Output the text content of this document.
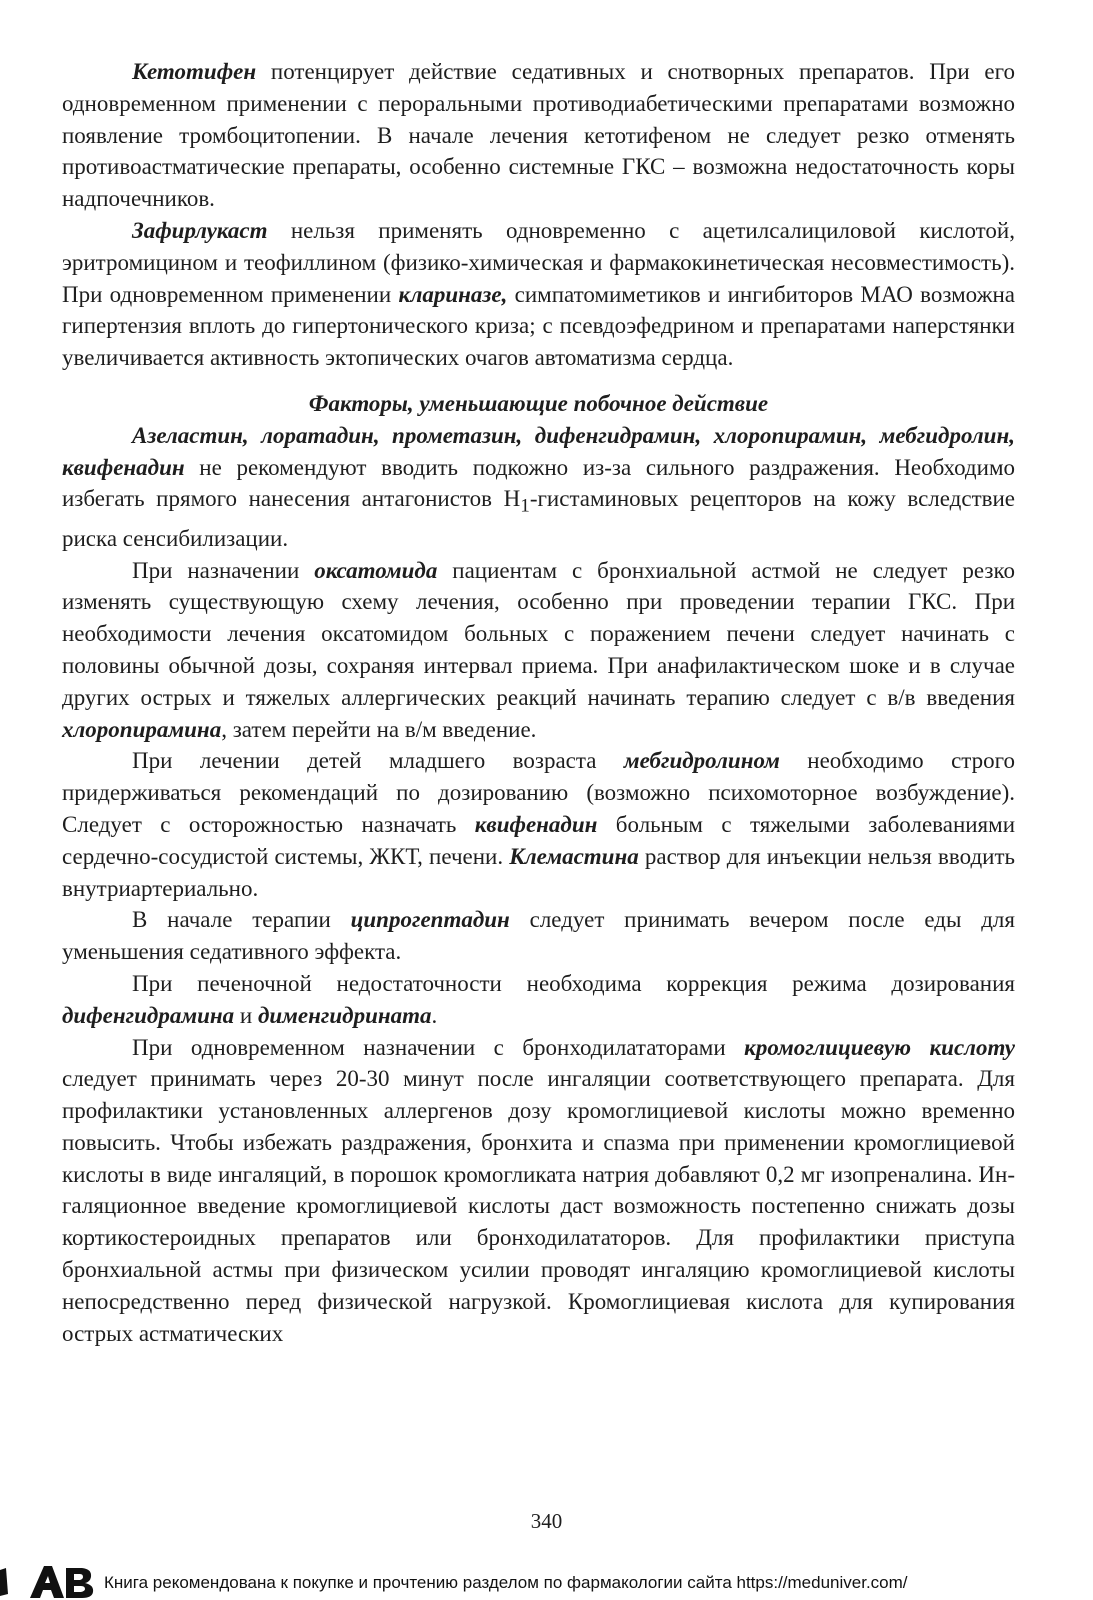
Кетотифен потенцирует действие седативных и снотворных препаратов. При его одновременном применении с пероральными противодиабетическими препаратами возможно появление тромбоцитопении. В начале лечения кетотифеном не следует резко отменять противоастматические препараты, особенно системные ГКС – возможна недостаточность коры надпочечников.

Зафирлукаст нельзя применять одновременно с ацетилсалициловой кислотой, эритромицином и теофиллином (физико-химическая и фармакокинетическая несовместимость). При одновременном применении клариназе, симпатомиметиков и ингибиторов МАО возможна гипертензия вплоть до гипертонического криза; с псевдоэфедрином и препаратами наперстянки увеличивается активность эктопических очагов автоматизма сердца.

Факторы, уменьшающие побочное действие

Азеластин, лоратадин, прометазин, дифенгидрамин, хлоропирамин, мебгидролин, квифенадин не рекомендуют вводить подкожно из-за сильного раздражения. Необходимо избегать прямого нанесения антагонистов $Н_1$-гистаминовых рецепторов на кожу вследствие риска сенсибилизации.

При назначении оксатомида пациентам с бронхиальной астмой не следует резко изменять существующую схему лечения, особенно при проведении терапии ГКС. При необходимости лечения оксатомидом больных с поражением печени следует начинать с половины обычной дозы, сохраняя интервал приема. При анафилактическом шоке и в случае других острых и тяжелых аллергических реакций начинать терапию следует с в/в введения хлоропирамина, затем перейти на в/м введение.

При лечении детей младшего возраста мебгидролином необходимо строго придерживаться рекомендаций по дозированию (возможно психомоторное возбуждение). Следует с осторожностью назначать квифенадин больным с тяжелыми заболеваниями сердечно-сосудистой системы, ЖКТ, печени. Клемастина раствор для инъекции нельзя вводить внутриартериально.

В начале терапии ципрогептадин следует принимать вечером после еды для уменьшения седативного эффекта.

При печеночной недостаточности необходима коррекция режима дозирования дифенгидрамина и дименгидрината.

При одновременном назначении с бронходилататорами кромоглициевую кислоту следует принимать через 20-30 минут после ингаляции соответствующего препарата. Для профилактики установленных аллергенов дозу кромоглициевой кислоты можно временно повысить. Чтобы избежать раздражения, бронхита и спазма при применении кромоглициевой кислоты в виде ингаляций, в порошок кромогликата натрия добавляют 0,2 мг изопреналина. Ингаляционное введение кромоглициевой кислоты даст возможность постепенно снижать дозы кортикостероидных препаратов или бронходилататоров. Для профилактики приступа бронхиальной астмы при физическом усилии проводят ингаляцию кромоглициевой кислоты непосредственно перед физической нагрузкой. Кромоглициевая кислота для купирования острых астматических

340
Книга рекомендована к покупке и прочтению разделом по фармакологии сайта https://meduniver.com/
